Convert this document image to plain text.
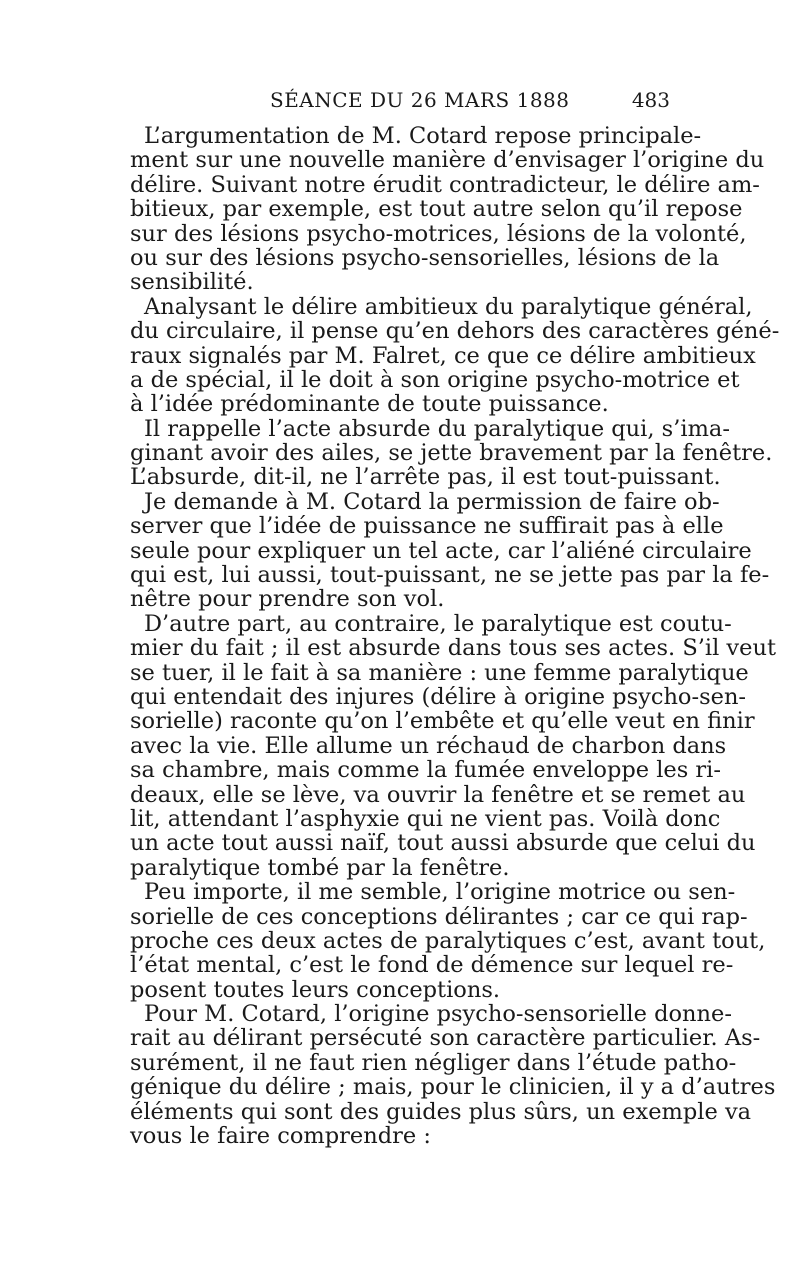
SÉANCE DU 26 MARS 1888	483
L’argumentation de M. Cotard repose principale-
ment sur une nouvelle manière d’envisager l’origine du
délire. Suivant notre érudit contradicteur, le délire am-
bitieux, par exemple, est tout autre selon qu’il repose
sur des lésions psycho-motrices, lésions de la volonté,
ou sur des lésions psycho-sensorielles, lésions de la
sensibilité.
Analysant le délire ambitieux du paralytique général,
du circulaire, il pense qu’en dehors des caractères géné-
raux signalés par M. Falret, ce que ce délire ambitieux
a de spécial, il le doit à son origine psycho-motrice et
à l’idée prédominante de toute puissance.
Il rappelle l’acte absurde du paralytique qui, s’ima-
ginant avoir des ailes, se jette bravement par la fenêtre.
L’absurde, dit-il, ne l’arrête pas, il est tout-puissant.
Je demande à M. Cotard la permission de faire ob-
server que l’idée de puissance ne suffirait pas à elle
seule pour expliquer un tel acte, car l’aliéné circulaire
qui est, lui aussi, tout-puissant, ne se jette pas par la fe-
nêtre pour prendre son vol.
D’autre part, au contraire, le paralytique est coutu-
mier du fait ; il est absurde dans tous ses actes. S’il veut
se tuer, il le fait à sa manière : une femme paralytique
qui entendait des injures (délire à origine psycho-sen-
sorielle) raconte qu’on l’embête et qu’elle veut en finir
avec la vie. Elle allume un réchaud de charbon dans
sa chambre, mais comme la fumée enveloppe les ri-
deaux, elle se lève, va ouvrir la fenêtre et se remet au
lit, attendant l’asphyxie qui ne vient pas. Voilà donc
un acte tout aussi naïf, tout aussi absurde que celui du
paralytique tombé par la fenêtre.
Peu importe, il me semble, l’origine motrice ou sen-
sorielle de ces conceptions délirantes ; car ce qui rap-
proche ces deux actes de paralytiques c’est, avant tout,
l’état mental, c’est le fond de démence sur lequel re-
posent toutes leurs conceptions.
Pour M. Cotard, l’origine psycho-sensorielle donne-
rait au délirant persécuté son caractère particulier. As-
surément, il ne faut rien négliger dans l’étude patho-
génique du délire ; mais, pour le clinicien, il y a d’autres
éléments qui sont des guides plus sûrs, un exemple va
vous le faire comprendre :
